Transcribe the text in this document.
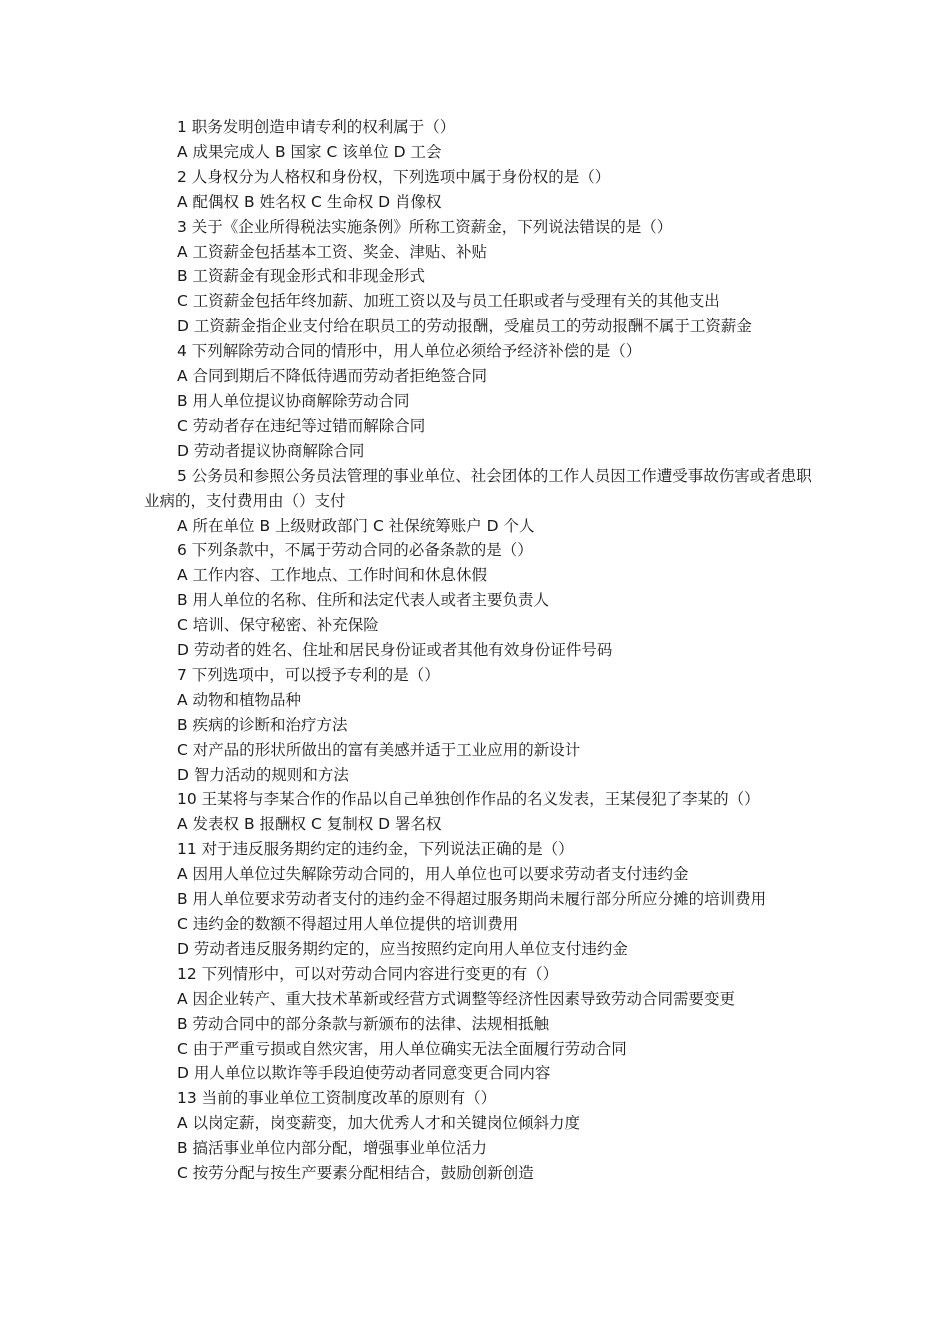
1 职务发明创造申请专利的权利属于（）
A 成果完成人 B 国家 C 该单位 D 工会
2 人身权分为人格权和身份权，下列选项中属于身份权的是（）
A 配偶权 B 姓名权 C 生命权 D 肖像权
3 关于《企业所得税法实施条例》所称工资薪金，下列说法错误的是（）
A 工资薪金包括基本工资、奖金、津贴、补贴
B 工资薪金有现金形式和非现金形式
C 工资薪金包括年终加薪、加班工资以及与员工任职或者与受理有关的其他支出
D 工资薪金指企业支付给在职员工的劳动报酬，受雇员工的劳动报酬不属于工资薪金
4 下列解除劳动合同的情形中，用人单位必须给予经济补偿的是（）
A 合同到期后不降低待遇而劳动者拒绝签合同
B 用人单位提议协商解除劳动合同
C 劳动者存在违纪等过错而解除合同
D 劳动者提议协商解除合同
5 公务员和参照公务员法管理的事业单位、社会团体的工作人员因工作遭受事故伤害或者患职业病的，支付费用由（）支付
A 所在单位 B 上级财政部门 C 社保统筹账户 D 个人
6 下列条款中，不属于劳动合同的必备条款的是（）
A 工作内容、工作地点、工作时间和休息休假
B 用人单位的名称、住所和法定代表人或者主要负责人
C 培训、保守秘密、补充保险
D 劳动者的姓名、住址和居民身份证或者其他有效身份证件号码
7 下列选项中，可以授予专利的是（）
A 动物和植物品种
B 疾病的诊断和治疗方法
C 对产品的形状所做出的富有美感并适于工业应用的新设计
D 智力活动的规则和方法
10 王某将与李某合作的作品以自己单独创作作品的名义发表，王某侵犯了李某的（）
A 发表权 B 报酬权 C 复制权 D 署名权
11 对于违反服务期约定的违约金，下列说法正确的是（）
A 因用人单位过失解除劳动合同的，用人单位也可以要求劳动者支付违约金
B 用人单位要求劳动者支付的违约金不得超过服务期尚未履行部分所应分摊的培训费用
C 违约金的数额不得超过用人单位提供的培训费用
D 劳动者违反服务期约定的，应当按照约定向用人单位支付违约金
12 下列情形中，可以对劳动合同内容进行变更的有（）
A 因企业转产、重大技术革新或经营方式调整等经济性因素导致劳动合同需要变更
B 劳动合同中的部分条款与新颁布的法律、法规相抵触
C 由于严重亏损或自然灾害，用人单位确实无法全面履行劳动合同
D 用人单位以欺诈等手段迫使劳动者同意变更合同内容
13 当前的事业单位工资制度改革的原则有（）
A 以岗定薪，岗变薪变，加大优秀人才和关键岗位倾斜力度
B 搞活事业单位内部分配，增强事业单位活力
C 按劳分配与按生产要素分配相结合，鼓励创新创造
